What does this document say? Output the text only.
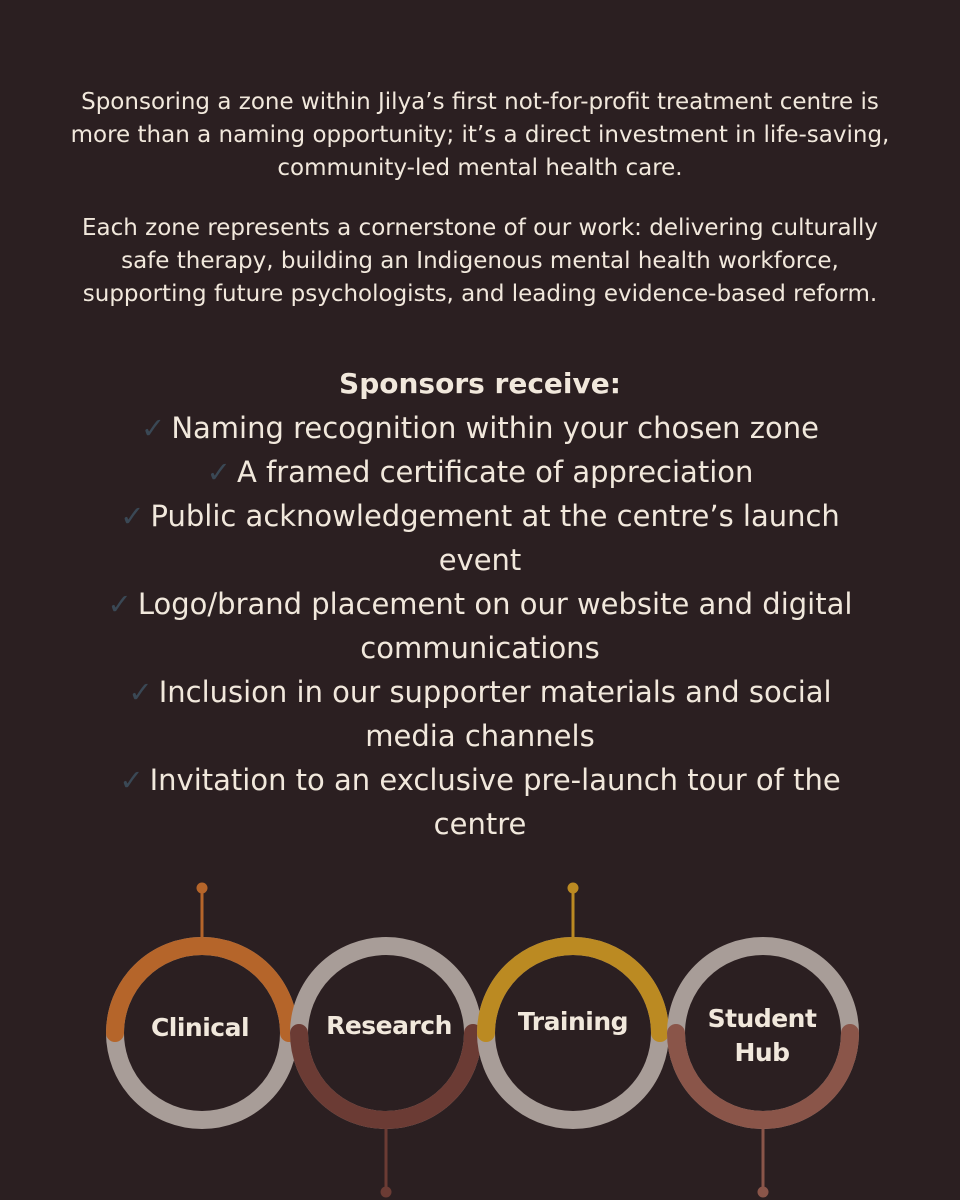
Sponsoring a zone within Jilya’s first not-for-profit treatment centre is more than a naming opportunity; it’s a direct investment in life-saving, community-led mental health care.

Each zone represents a cornerstone of our work: delivering culturally safe therapy, building an Indigenous mental health workforce, supporting future psychologists, and leading evidence-based reform.

Sponsors receive:

✓ Naming recognition within your chosen zone
✓ A framed certificate of appreciation
✓ Public acknowledgement at the centre’s launch event
✓ Logo/brand placement on our website and digital communications
✓ Inclusion in our supporter materials and social media channels
✓ Invitation to an exclusive pre-launch tour of the centre
Clinical	Research	Training	Student Hub
